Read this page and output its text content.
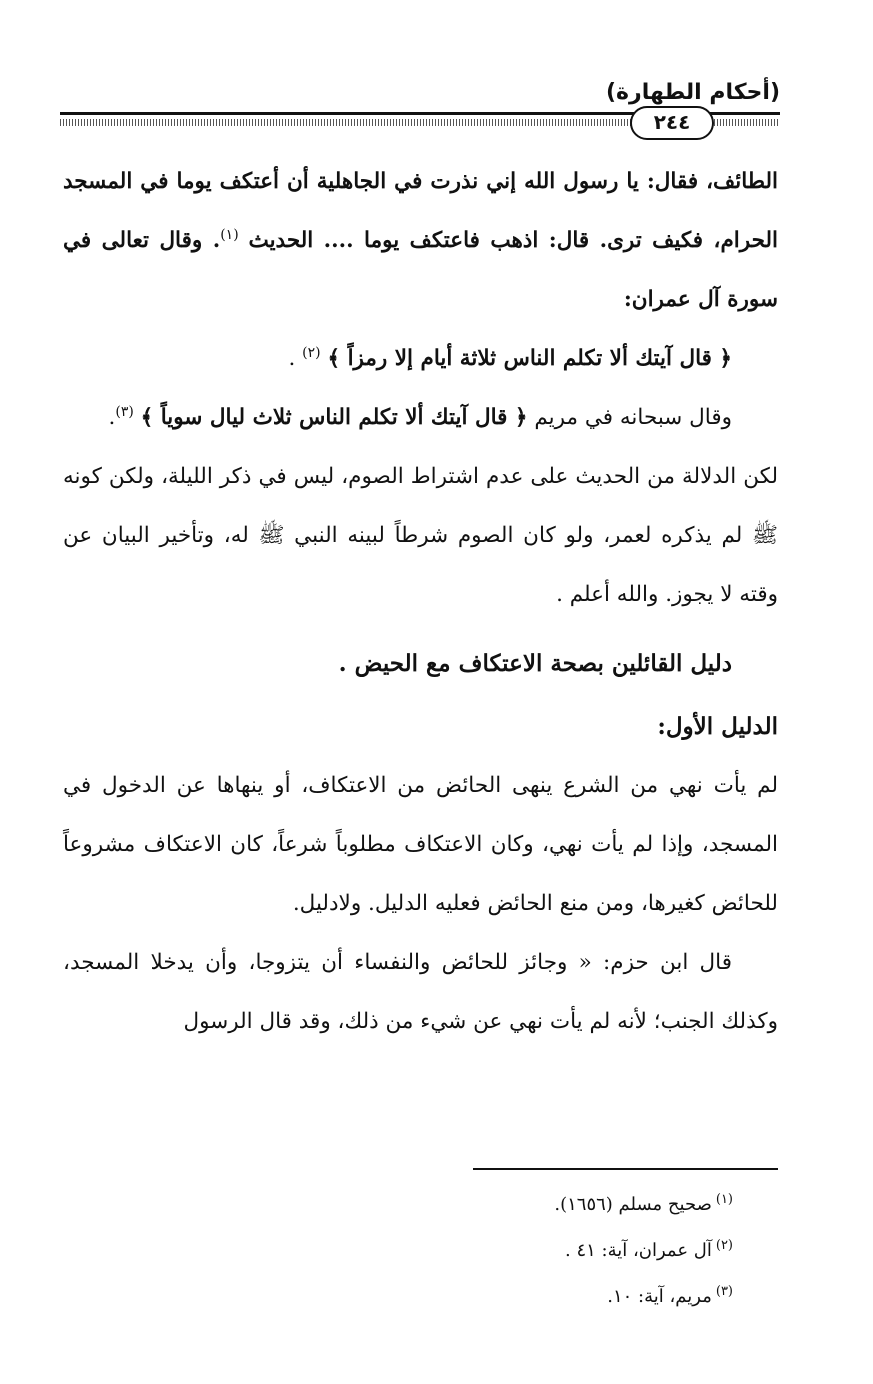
(أحكام الطهارة)
٢٤٤

الطائف، فقال: يا رسول الله إني نذرت في الجاهلية أن أعتكف يوما في المسجد الحرام، فكيف ترى. قال: اذهب فاعتكف يوما .... الحديث $^{(١)}$. وقال تعالى في سورة آل عمران:

﴿ قال آيتك ألا تكلم الناس ثلاثة أيام إلا رمزاً ﴾ $^{(٢)}$ .

وقال سبحانه في مريم ﴿ قال آيتك ألا تكلم الناس ثلاث ليال سوياً ﴾ $^{(٣)}$.

لكن الدلالة من الحديث على عدم اشتراط الصوم، ليس في ذكر الليلة، ولكن كونه ﷺ لم يذكره لعمر، ولو كان الصوم شرطاً لبينه النبي ﷺ له، وتأخير البيان عن وقته لا يجوز. والله أعلم .

دليل القائلين بصحة الاعتكاف مع الحيض .

الدليل الأول:

لم يأت نهي من الشرع ينهى الحائض من الاعتكاف، أو ينهاها عن الدخول في المسجد، وإذا لم يأت نهي، وكان الاعتكاف مطلوباً شرعاً، كان الاعتكاف مشروعاً للحائض كغيرها، ومن منع الحائض فعليه الدليل. ولادليل.

قال ابن حزم: « وجائز للحائض والنفساء أن يتزوجا، وأن يدخلا المسجد، وكذلك الجنب؛ لأنه لم يأت نهي عن شيء من ذلك، وقد قال الرسول

$^{(١)}$صحيح مسلم (١٦٥٦).

$^{(٢)}$آل عمران، آية: ٤١ .

$^{(٣)}$مريم، آية: ١٠.
